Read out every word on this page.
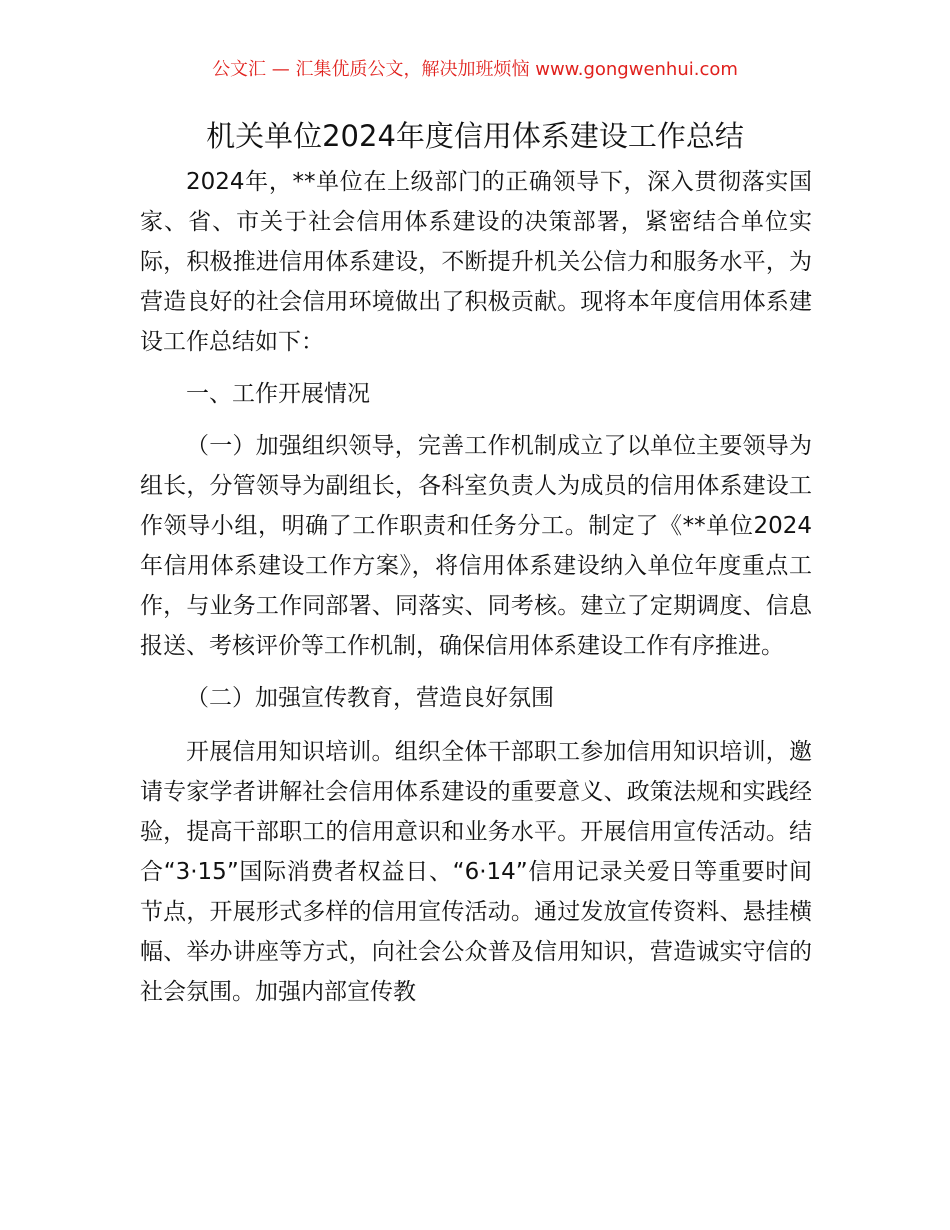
公文汇 — 汇集优质公文，解决加班烦恼 www.gongwenhui.com
机关单位2024年度信用体系建设工作总结

2024年，**单位在上级部门的正确领导下，深入贯彻落实国家、省、市关于社会信用体系建设的决策部署，紧密结合单位实际，积极推进信用体系建设，不断提升机关公信力和服务水平，为营造良好的社会信用环境做出了积极贡献。现将本年度信用体系建设工作总结如下：

一、工作开展情况

（一）加强组织领导，完善工作机制成立了以单位主要领导为组长，分管领导为副组长，各科室负责人为成员的信用体系建设工作领导小组，明确了工作职责和任务分工。制定了《**单位2024年信用体系建设工作方案》，将信用体系建设纳入单位年度重点工作，与业务工作同部署、同落实、同考核。建立了定期调度、信息报送、考核评价等工作机制，确保信用体系建设工作有序推进。

（二）加强宣传教育，营造良好氛围

开展信用知识培训。组织全体干部职工参加信用知识培训，邀请专家学者讲解社会信用体系建设的重要意义、政策法规和实践经验，提高干部职工的信用意识和业务水平。开展信用宣传活动。结合“3·15”国际消费者权益日、“6·14”信用记录关爱日等重要时间节点，开展形式多样的信用宣传活动。通过发放宣传资料、悬挂横幅、举办讲座等方式，向社会公众普及信用知识，营造诚实守信的社会氛围。加强内部宣传教
